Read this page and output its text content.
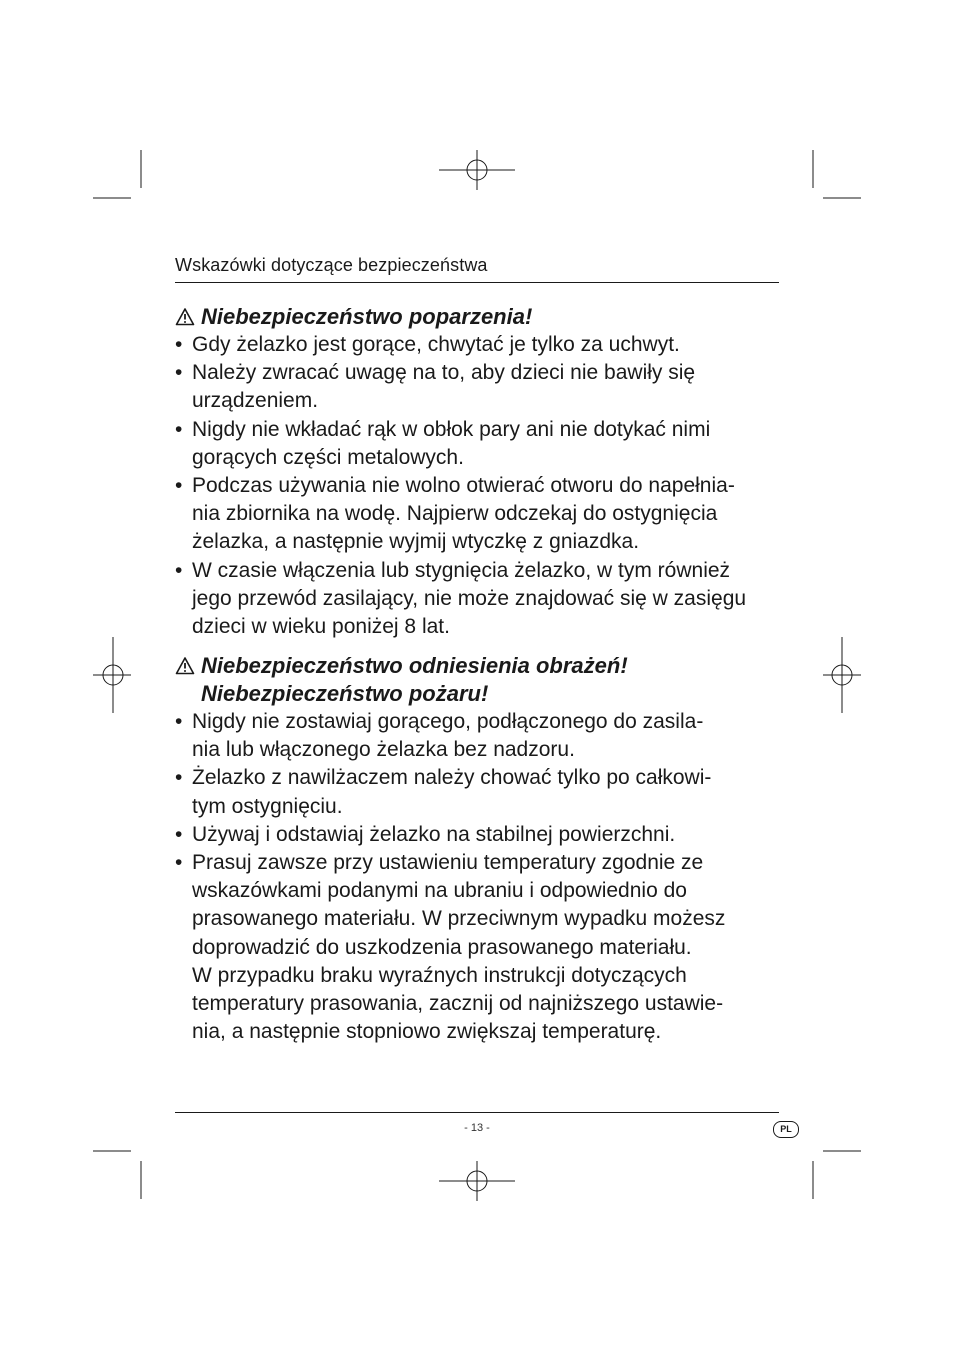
Wskazówki dotyczące bezpieczeństwa
Niebezpieczeństwo poparzenia!
• Gdy żelazko jest gorące, chwytać je tylko za uchwyt.
• Należy zwracać uwagę na to, aby dzieci nie bawiły się
urządzeniem.
• Nigdy nie wkładać rąk w obłok pary ani nie dotykać nimi
gorących części metalowych.
• Podczas używania nie wolno otwierać otworu do napełnia-
nia zbiornika na wodę. Najpierw odczekaj do ostygnięcia
żelazka, a następnie wyjmij wtyczkę z gniazdka.
• W czasie włączenia lub stygnięcia żelazko, w tym również
jego przewód zasilający, nie może znajdować się w zasięgu
dzieci w wieku poniżej 8 lat.
Niebezpieczeństwo odniesienia obrażeń!
Niebezpieczeństwo pożaru!
• Nigdy nie zostawiaj gorącego, podłączonego do zasila-
nia lub włączonego żelazka bez nadzoru.
• Żelazko z nawilżaczem należy chować tylko po całkowi-
tym ostygnięciu.
• Używaj i odstawiaj żelazko na stabilnej powierzchni.
• Prasuj zawsze przy ustawieniu temperatury zgodnie ze
wskazówkami podanymi na ubraniu i odpowiednio do
prasowanego materiału. W przeciwnym wypadku możesz
doprowadzić do uszkodzenia prasowanego materiału.
W przypadku braku wyraźnych instrukcji dotyczących
temperatury prasowania, zacznij od najniższego ustawie-
nia, a następnie stopniowo zwiększaj temperaturę.
- 13 -	PL
